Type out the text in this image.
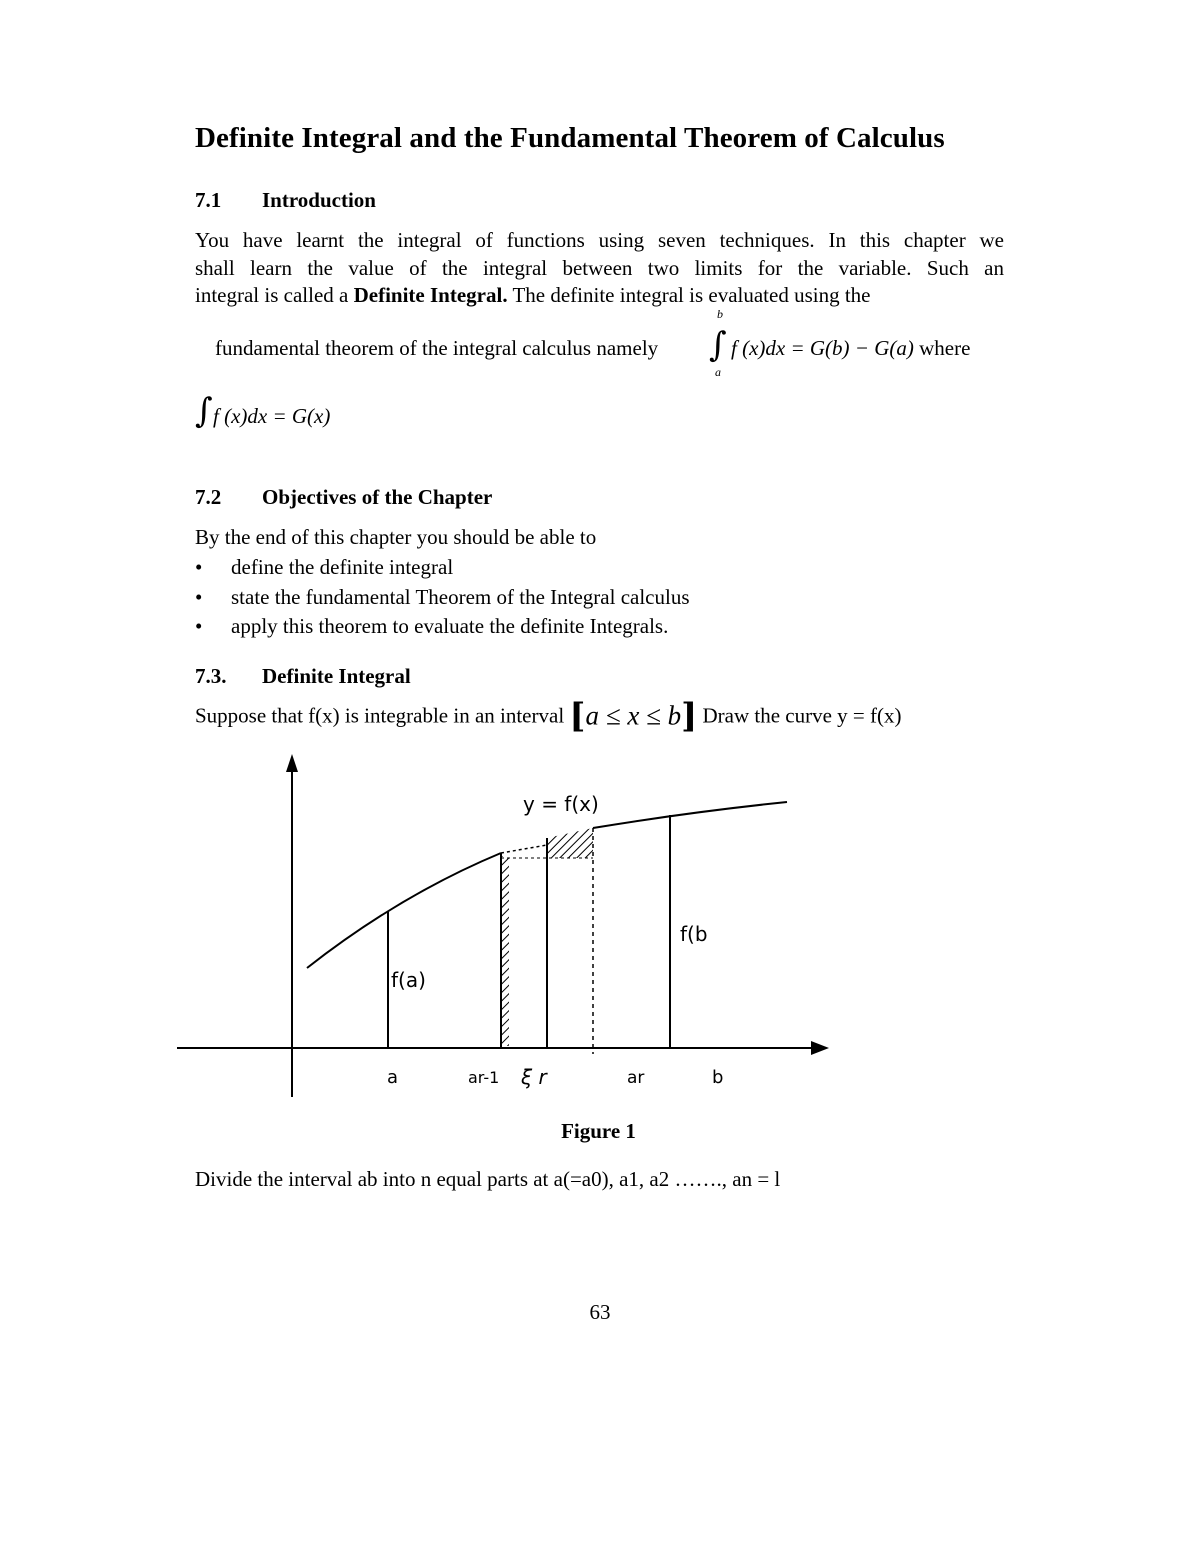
Definite Integral and the Fundamental Theorem of Calculus
7.1 Introduction
You have learnt the integral of functions using seven techniques. In this chapter we
shall learn the value of the integral between two limits for the variable. Such an
integral is called a Definite Integral. The definite integral is evaluated using the
fundamental theorem of the integral calculus namely ∫
b
a
f (x)dx = G(b) − G(a) where
∫ f (x)dx = G(x)
7.2 Objectives of the Chapter
By the end of this chapter you should be able to
• define the definite integral
• state the fundamental Theorem of the Integral calculus
• apply this theorem to evaluate the definite Integrals.
7.3. Definite Integral
Suppose that f(x) is integrable in an interval [a ≤ x ≤ b] Draw the curve y = f(x)
y = f(x)
f(a)
f(b
a	ar-1 ξ r	ar	b
Figure 1
Divide the interval ab into n equal parts at a(=a0), a1, a2 ……., an = l
63
